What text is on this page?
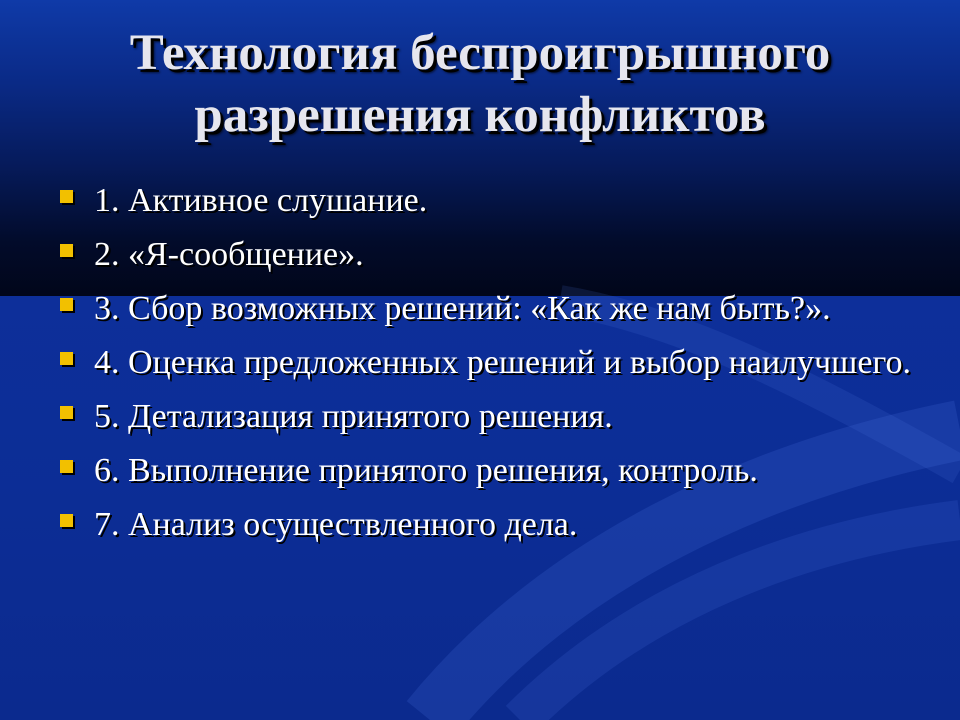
Технология беспроигрышного
разрешения конфликтов
1. Активное слушание.
2. «Я-сообщение».
3. Сбор возможных решений: «Как же нам быть?».
4. Оценка предложенных решений и выбор наилучшего.
5. Детализация принятого решения.
6. Выполнение принятого решения, контроль.
7. Анализ осуществленного дела.
